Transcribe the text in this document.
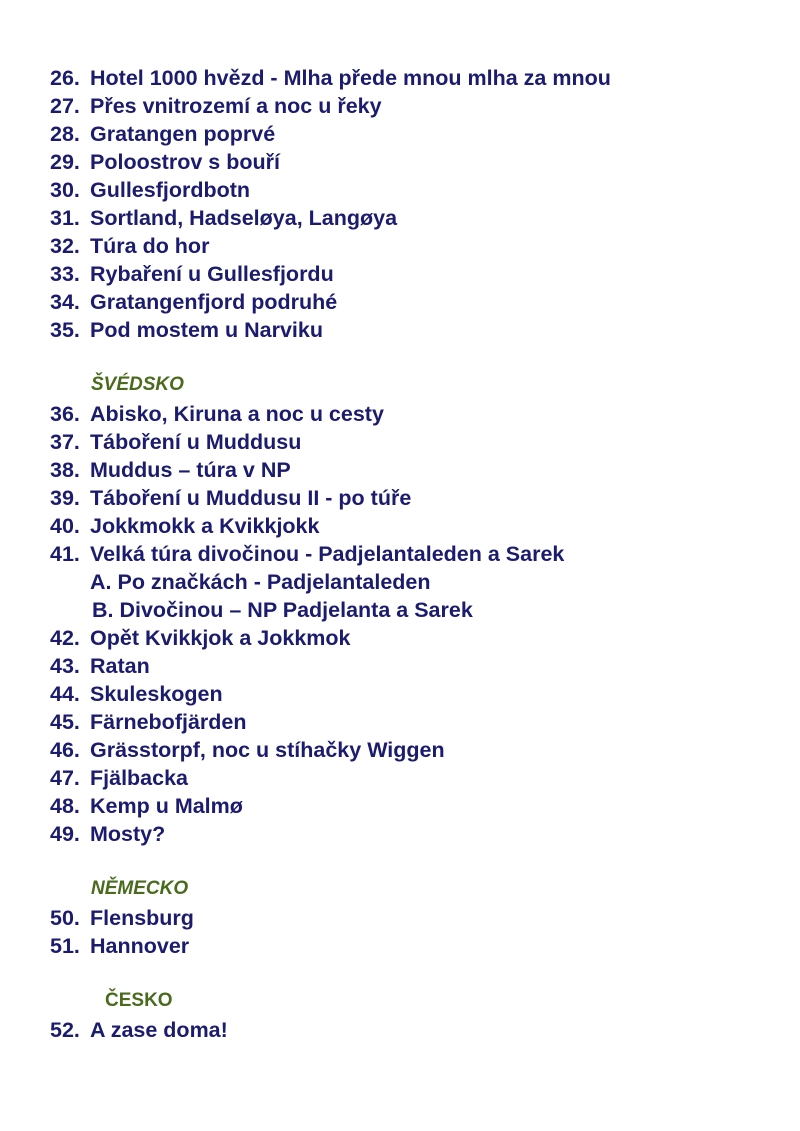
26. Hotel 1000 hvězd - Mlha přede mnou mlha za mnou
27. Přes vnitrozemí a noc u řeky
28. Gratangen poprvé
29. Poloostrov s bouří
30. Gullesfjordbotn
31. Sortland, Hadseløya, Langøya
32. Túra do hor
33. Rybaření u Gullesfjordu
34. Gratangenfjord podruhé
35. Pod mostem u Narviku
ŠVÉDSKO
36. Abisko, Kiruna a noc u cesty
37. Táboření u Muddusu
38. Muddus – túra v NP
39. Táboření u Muddusu II - po túře
40. Jokkmokk a Kvikkjokk
41. Velká túra divočinou - Padjelantaleden a Sarek
A. Po značkách - Padjelantaleden
B. Divočinou – NP Padjelanta a Sarek
42. Opět Kvikkjok a Jokkmok
43. Ratan
44. Skuleskogen
45. Färnebofjärden
46. Grässtorpf, noc u stíhačky Wiggen
47. Fjälbacka
48. Kemp u Malmø
49. Mosty?
NĚMECKO
50. Flensburg
51. Hannover
ČESKO
52. A zase doma!
